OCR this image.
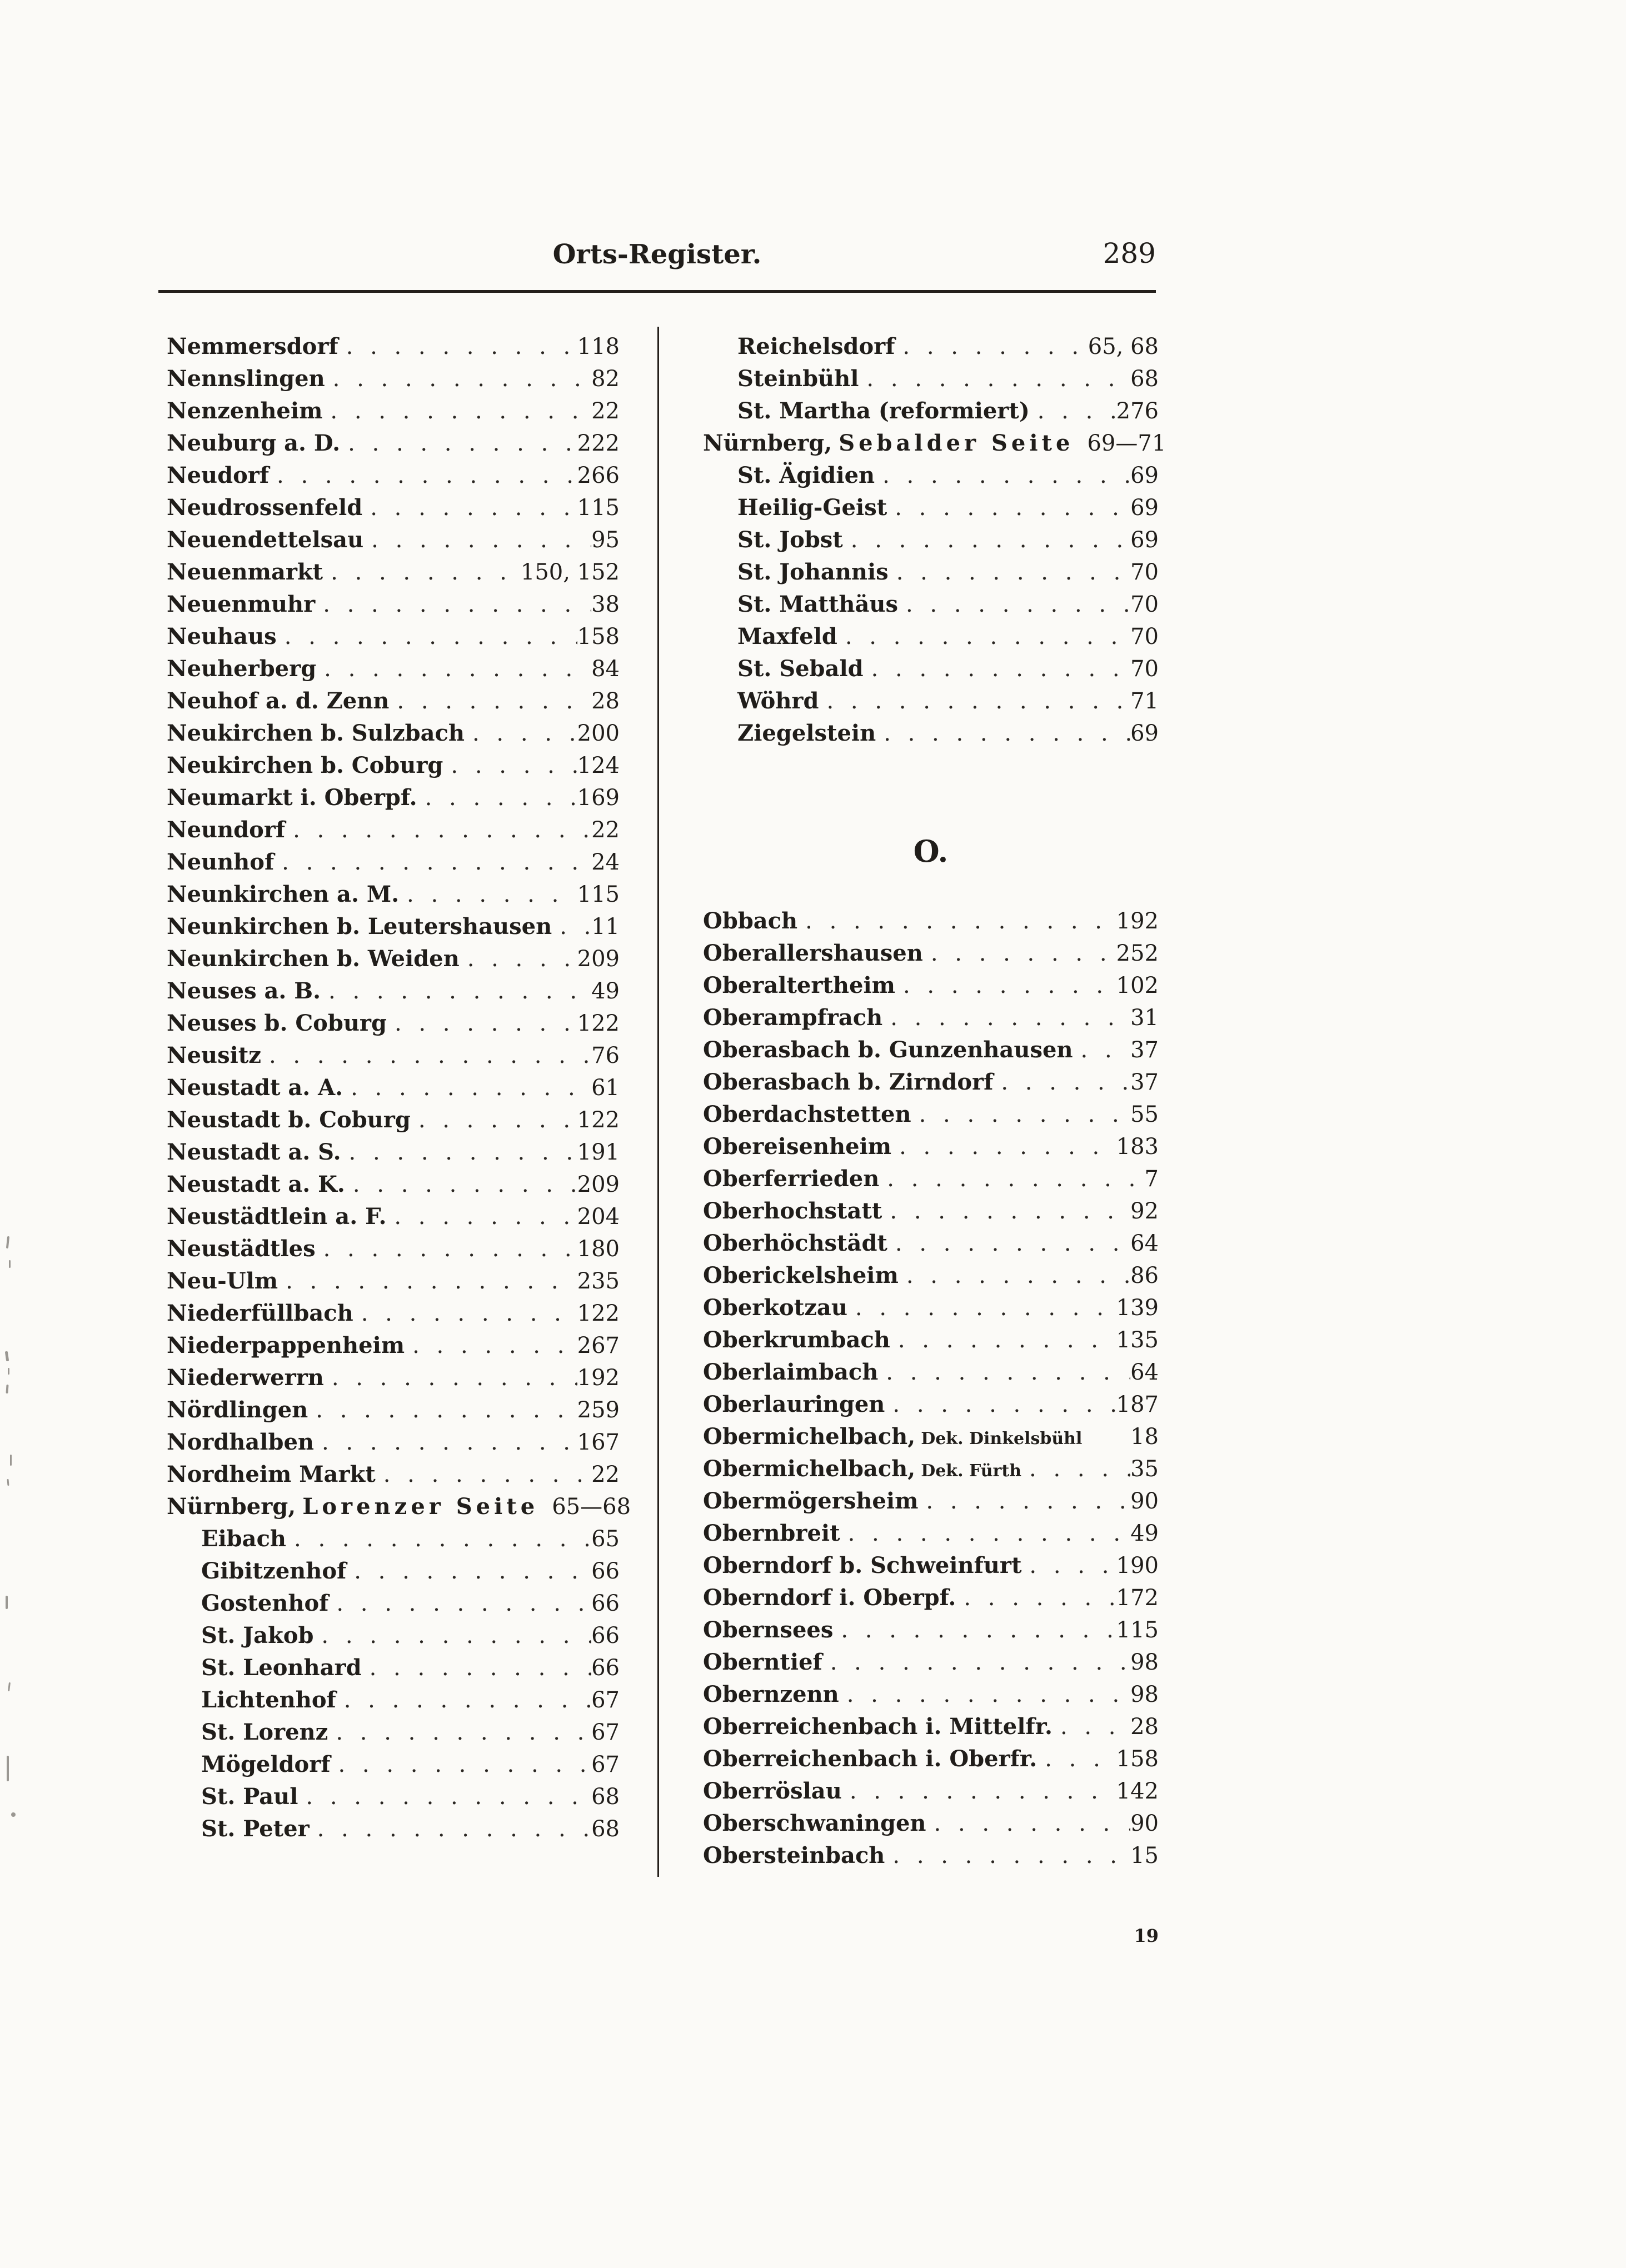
Orts-Register.	289
Nemmersdorf . . .	118
Nennslingen . . .	82
Nenzenheim . . .	22
Neuburg a. D. . . .	222
Neudorf . . .	266
Neudrossenfeld . . .	115
Neuendettelsau . . .	95
Neuenmarkt . . .	150, 152
Neuenmuhr . . .	38
Neuhaus . . .	158
Neuherberg . . .	84
Neuhof a. d. Zenn . . .	28
Neukirchen b. Sulzbach . . .	200
Neukirchen b. Coburg . . .	124
Neumarkt i. Oberpf. . . .	169
Neundorf . . .	22
Neunhof . . .	24
Neunkirchen a. M. . . .	115
Neunkirchen b. Leutershausen . . . 11
Neunkirchen b. Weiden . . .	209
Neuses a. B. . . .	49
Neuses b. Coburg . . .	122
Neusitz . . .	76
Neustadt a. A. . . .	61
Neustadt b. Coburg . . .	122
Neustadt a. S. . . .	191
Neustadt a. K. . . .	209
Neustädtlein a. F. . . .	204
Neustädtles . . .	180
Neu-Ulm . . .	235
Niederfüllbach . . .	122
Niederpappenheim . . .	267
Niederwerrn . . .	192
Nördlingen . . .	259
Nordhalben . . .	167
Nordheim Markt . . .	22
Nürnberg, Lorenzer Seite 65—68
Eibach . . .	65
Gibitzenhof . . .	66
Gostenhof . . .	66
St. Jakob . . .	66
St. Leonhard . . .	66
Lichtenhof . . .	67
St. Lorenz . . .	67
Mögeldorf . . .	67
St. Paul . . .	68
St. Peter . . .	68
Reichelsdorf . . .	65, 68
Steinbühl . . .	68
St. Martha (reformiert) . . .	276
Nürnberg, Sebalder Seite 69—71
St. Ägidien . . .	69
Heilig-Geist . . .	69
St. Jobst . . .	69
St. Johannis . . .	70
St. Matthäus . . .	70
Maxfeld . . .	70
St. Sebald . . .	70
Wöhrd . . .	71
Ziegelstein . . .	69
O.
Obbach . . .	192
Oberallershausen . . .	252
Oberaltertheim . . .	102
Oberampfrach . . .	31
Oberasbach b. Gunzenhausen . . .	37
Oberasbach b. Zirndorf . . .	37
Oberdachstetten . . .	55
Obereisenheim . . .	183
Oberferrieden . . .	7
Oberhochstatt . . .	92
Oberhöchstädt . . .	64
Oberickelsheim . . .	86
Oberkotzau . . .	139
Oberkrumbach . . .	135
Oberlaimbach . . .	64
Oberlauringen . . .	187
Obermichelbach, Dek. Dinkelsbühl 18
Obermichelbach, Dek. Fürth . . .	35
Obermögersheim . . .	90
Obernbreit . . .	49
Oberndorf b. Schweinfurt . . .	190
Oberndorf i. Oberpf. . . .	172
Obernsees . . .	115
Oberntief . . .	98
Obernzenn . . .	98
Oberreichenbach i. Mittelfr. . . .	28
Oberreichenbach i. Oberfr. . . .	158
Oberröslau . . .	142
Oberschwaningen . . .	90
Obersteinbach . . .	15
19
